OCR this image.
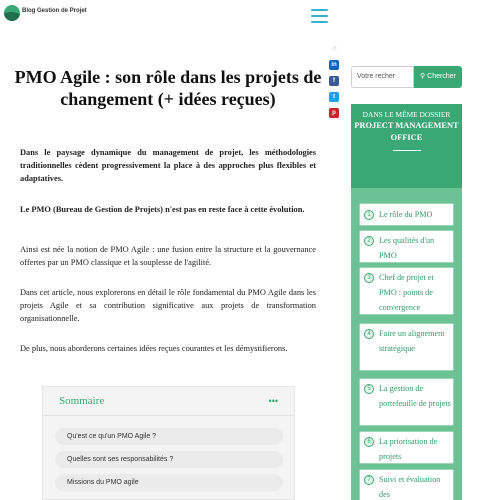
Blog Gestion de Projet
<
in
f
t
p
PMO Agile : son rôle dans les projets de changement (+ idées reçues)

Dans le paysage dynamique du management de projet, les méthodologies traditionnelles cèdent progressivement la place à des approches plus flexibles et adaptatives.

Le PMO (Bureau de Gestion de Projets) n'est pas en reste face à cette évolution.

Ainsi est née la notion de PMO Agile : une fusion entre la structure et la gouvernance offertes par un PMO classique et la souplesse de l'agilité.

Dans cet article, nous explorerons en détail le rôle fondamental du PMO Agile dans les projets Agile et sa contribution significative aux projets de transformation organisationnelle.

De plus, nous aborderons certaines idées reçues courantes et les démystifierons.

Sommaire	•••
Qu'est ce qu'un PMO Agile ?
Quelles sont ses responsabilités ?
Missions du PMO agile
Votre recher	⚲ Chercher
DANS LE MÊME DOSSIER
PROJECT MANAGEMENT OFFICE
1	Le rôle du PMO
2	Les qualités d'un PMO
3	Chef de projet et PMO : points de convergence
4	Faire un alignement stratégique
5	La gestion de portefeuille de projets
6	La priorisation de projets
7	Suivi et évaluation des
